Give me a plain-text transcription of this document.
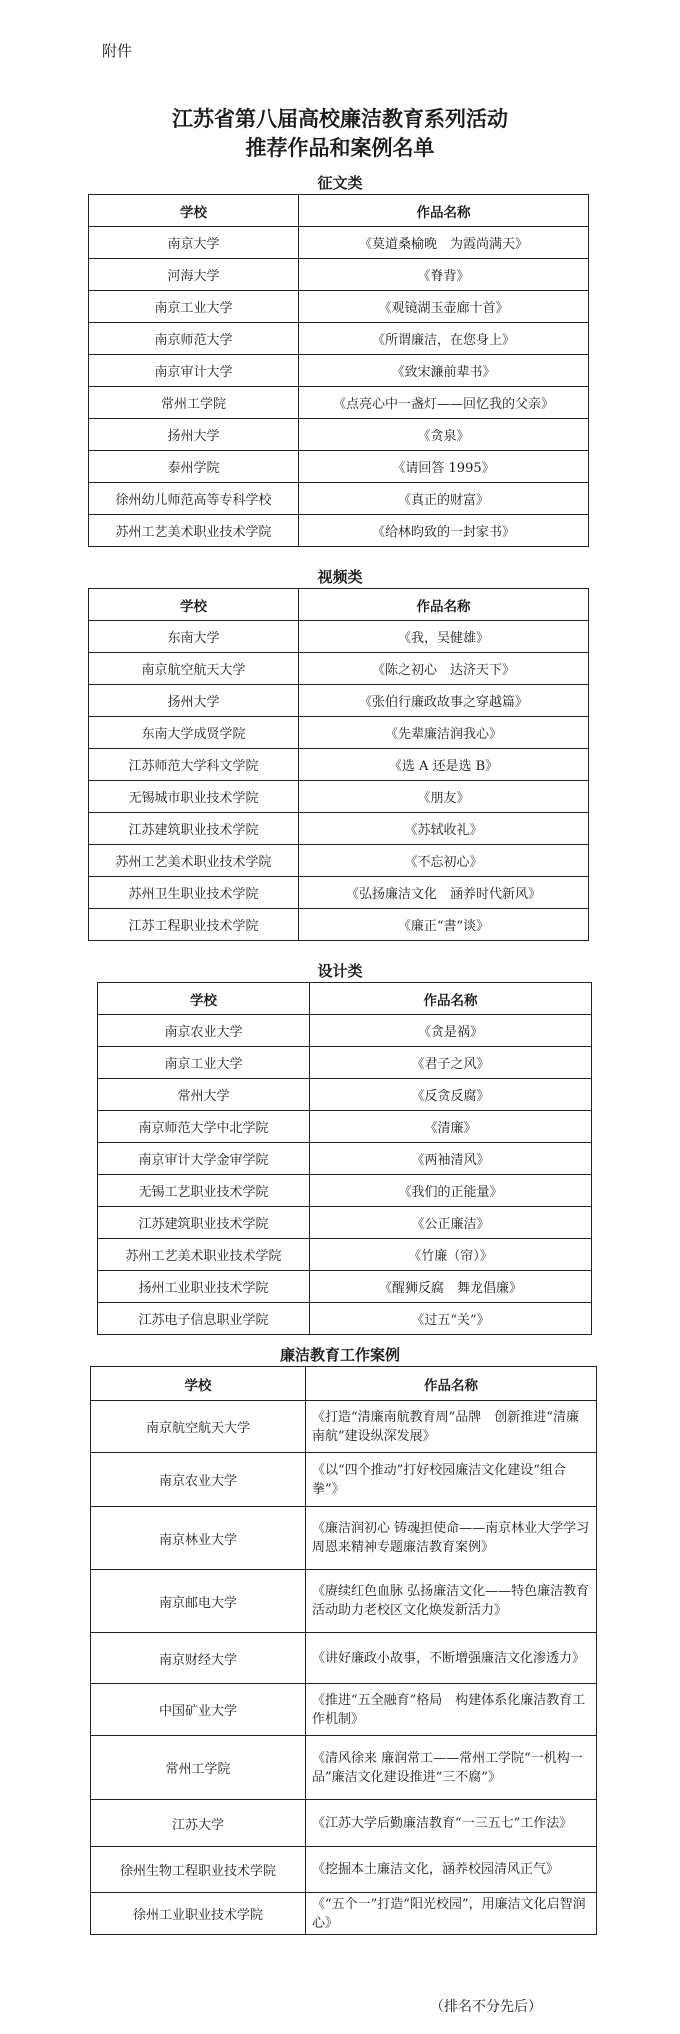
附件
江苏省第八届高校廉洁教育系列活动
推荐作品和案例名单
征文类
学校	作品名称
南京大学	《莫道桑榆晚　为霞尚满天》
河海大学	《脊背》
南京工业大学	《观镜湖玉壶廊十首》
南京师范大学	《所谓廉洁，在您身上》
南京审计大学	《致宋濂前辈书》
常州工学院	《点亮心中一盏灯——回忆我的父亲》
扬州大学	《贪泉》
泰州学院	《请回答 1995》
徐州幼儿师范高等专科学校	《真正的财富》
苏州工艺美术职业技术学院	《给林昀致的一封家书》
视频类
学校	作品名称
东南大学	《我，吴健雄》
南京航空航天大学	《陈之初心　达济天下》
扬州大学	《张伯行廉政故事之穿越篇》
东南大学成贤学院	《先辈廉洁润我心》
江苏师范大学科文学院	《选 A 还是选 B》
无锡城市职业技术学院	《朋友》
江苏建筑职业技术学院	《苏轼收礼》
苏州工艺美术职业技术学院	《不忘初心》
苏州卫生职业技术学院	《弘扬廉洁文化　涵养时代新风》
江苏工程职业技术学院	《廉正“書”谈》
设计类
学校	作品名称
南京农业大学	《贪是祸》
南京工业大学	《君子之风》
常州大学	《反贪反腐》
南京师范大学中北学院	《清廉》
南京审计大学金审学院	《两袖清风》
无锡工艺职业技术学院	《我们的正能量》
江苏建筑职业技术学院	《公正廉洁》
苏州工艺美术职业技术学院	《竹廉（帘）》
扬州工业职业技术学院	《醒狮反腐　舞龙倡廉》
江苏电子信息职业学院	《过五“关”》
廉洁教育工作案例
学校	作品名称
南京航空航天大学	《打造“清廉南航教育周”品牌　创新推进“清廉南航”建设纵深发展》
南京农业大学	《以“四个推动”打好校园廉洁文化建设“组合拳”》
南京林业大学	《廉洁润初心 铸魂担使命——南京林业大学学习周恩来精神专题廉洁教育案例》
南京邮电大学	《赓续红色血脉 弘扬廉洁文化——特色廉洁教育活动助力老校区文化焕发新活力》
南京财经大学	《讲好廉政小故事，不断增强廉洁文化渗透力》
中国矿业大学	《推进“五全融育”格局　构建体系化廉洁教育工作机制》
常州工学院	《清风徐来 廉润常工——常州工学院“一机构一品”廉洁文化建设推进“三不腐”》
江苏大学	《江苏大学后勤廉洁教育“一三五七”工作法》
徐州生物工程职业技术学院	《挖掘本土廉洁文化，涵养校园清风正气》
徐州工业职业技术学院	《“五个一”打造“阳光校园”，用廉洁文化启智润心》
（排名不分先后）
